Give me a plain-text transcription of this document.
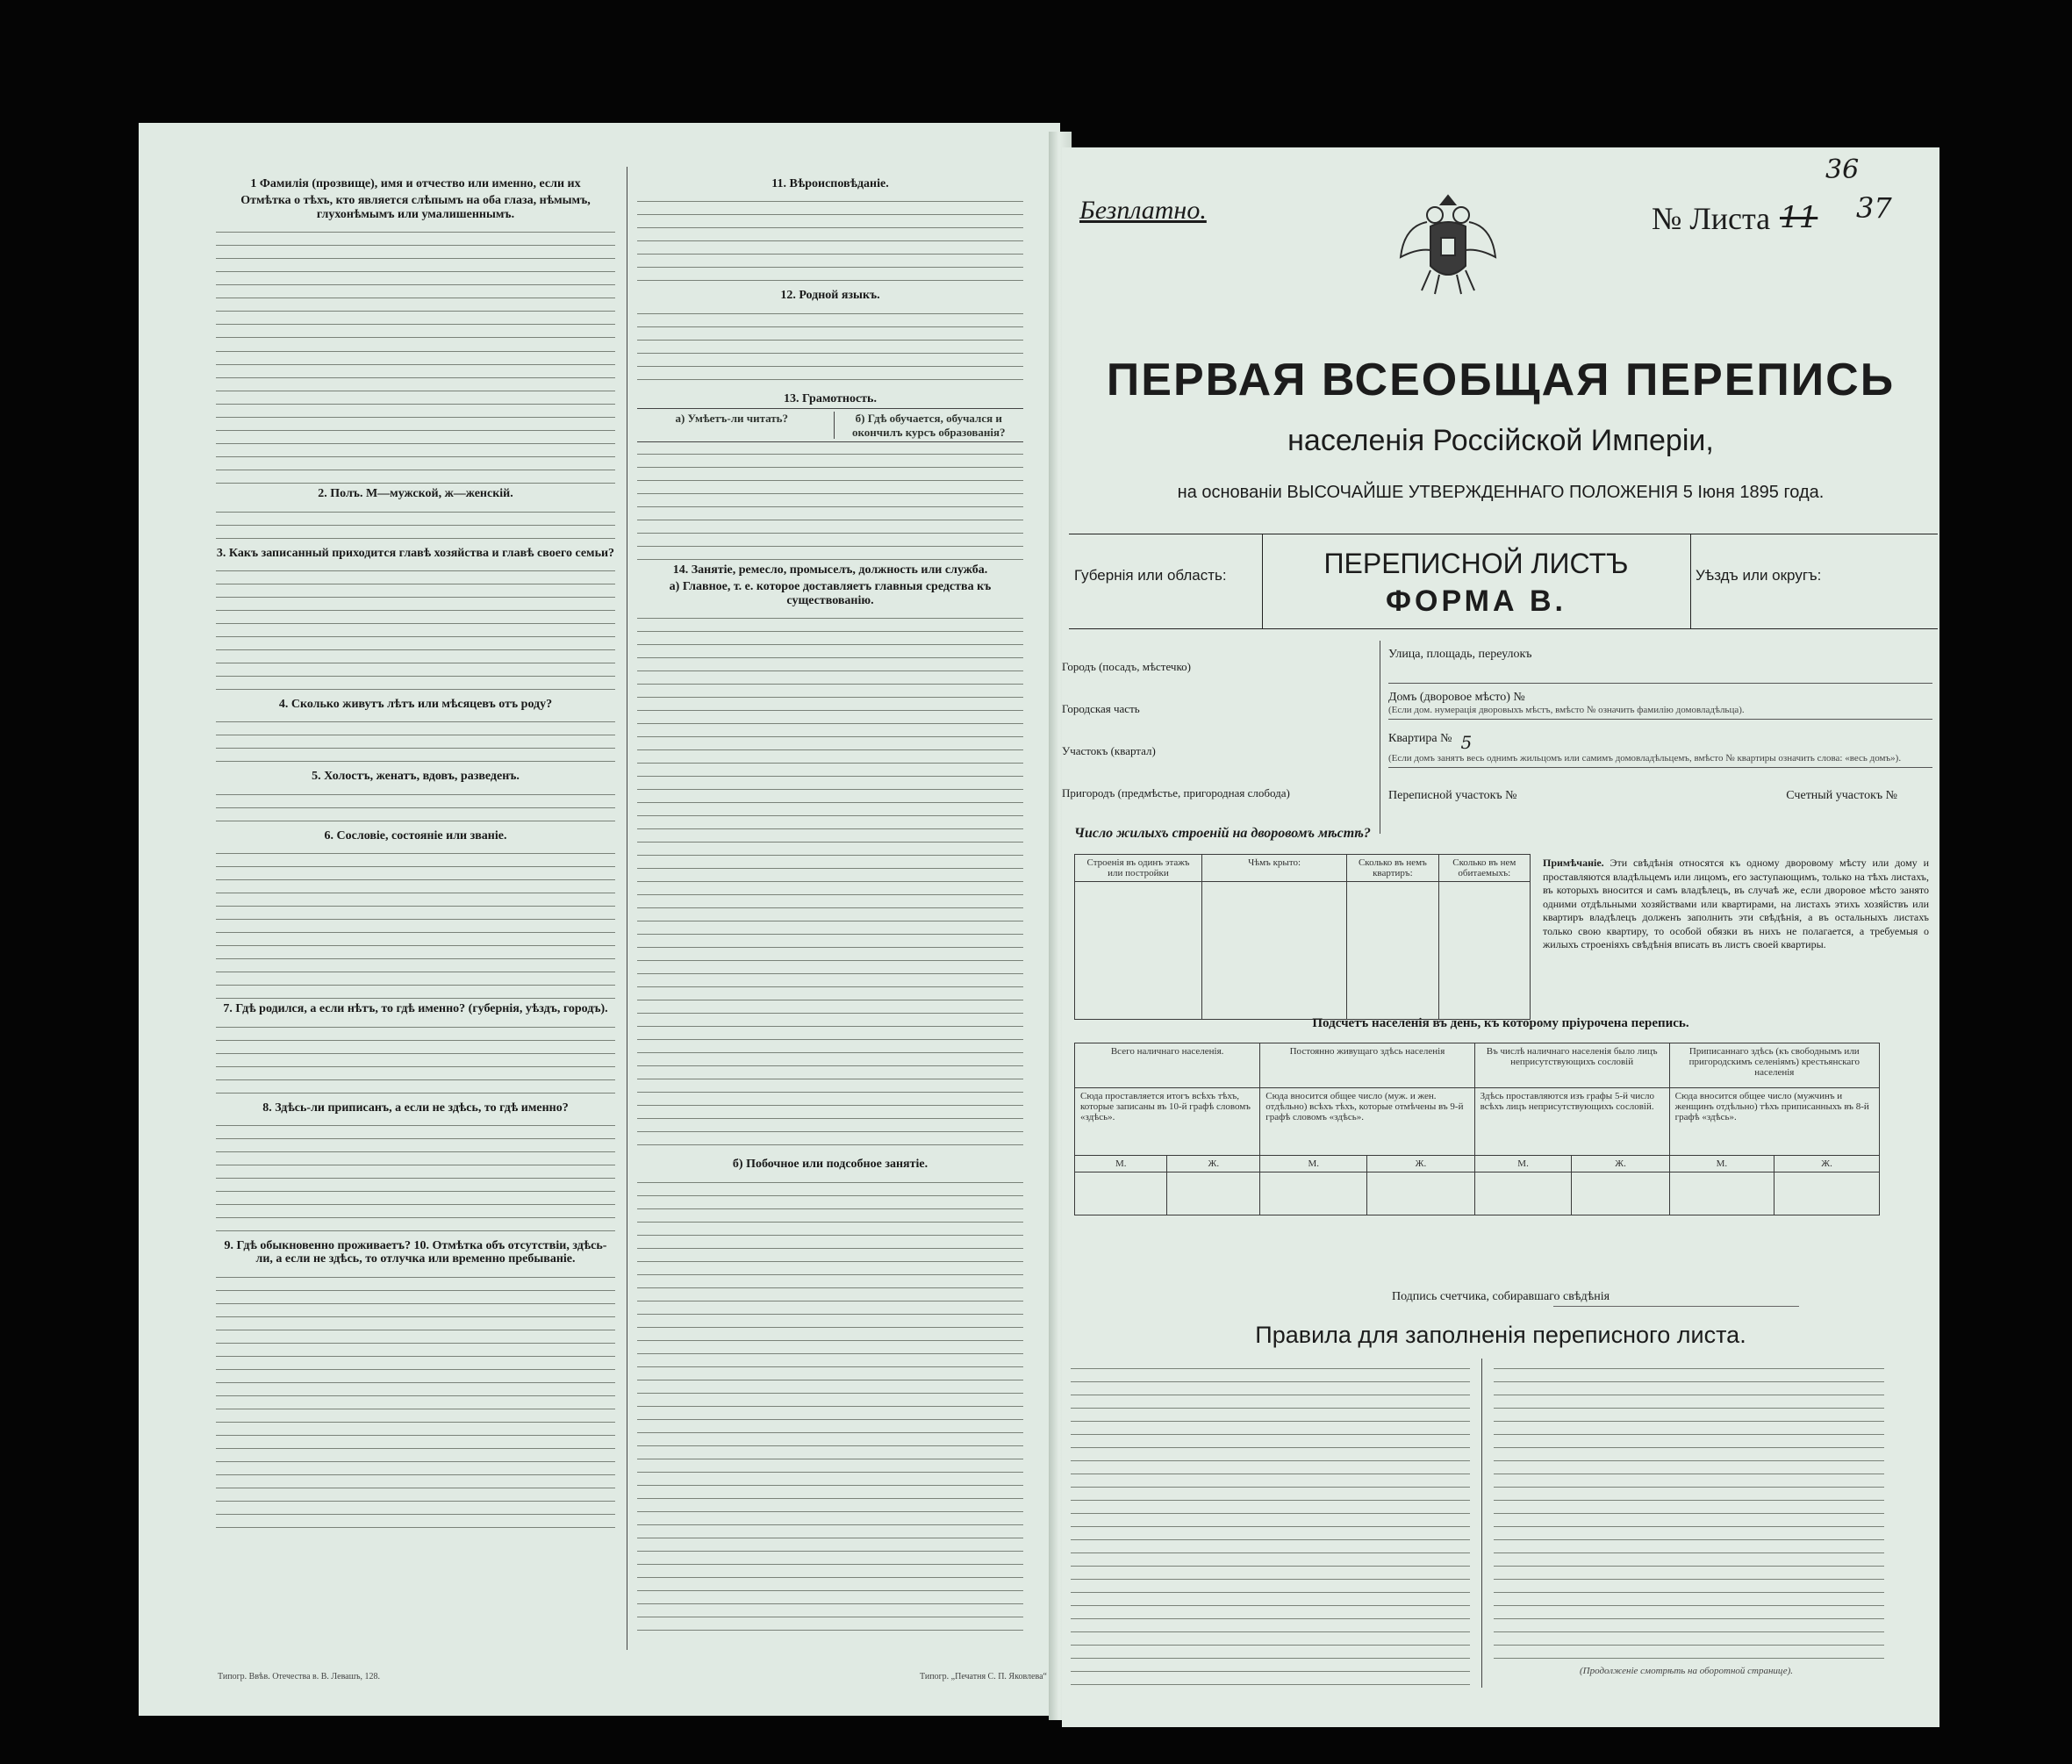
1 Фамилія (прозвище), имя и отчество или именно, если их
Отмѣтка о тѣхъ, кто является слѣпымъ на оба глаза, нѣмымъ, глухонѣмымъ или умалишеннымъ.
2. Полъ. М—мужской, ж—женскій.
3. Какъ записанный приходится главѣ хозяйства и главѣ своего семьи?
4. Сколько живутъ лѣтъ или мѣсяцевъ отъ роду?
5. Холостъ, женатъ, вдовъ, разведенъ.
6. Сословіе, состояніе или званіе.
7. Гдѣ родился, а если нѣтъ, то гдѣ именно? (губернія, уѣздъ, городъ).
8. Здѣсь-ли приписанъ, а если не здѣсь, то гдѣ именно?
9. Гдѣ обыкновенно проживаетъ? 10. Отмѣтка объ отсутствіи, здѣсь-ли, а если не здѣсь, то отлучка или временно пребываніе.
11. Вѣроисповѣданіе.
12. Родной языкъ.
13. Грамотность.
а) Умѣетъ-ли читать?	б) Гдѣ обучается, обучался и окончилъ курсъ образованія?
14. Занятіе, ремесло, промыселъ, должность или служба.
а) Главное, т. е. которое доставляетъ главныя средства къ существованію.
б) Побочное или подсобное занятіе.
Типогр. Ввѣв. Отечества в. В. Левашъ, 128.	Типогр. „Печатня С. П. Яковлева“
Безплатно.	№ Листа 11 37
36
ПЕРВАЯ ВСЕОБЩАЯ ПЕРЕПИСЬ
населенія Россійской Имперіи,
на основаніи ВЫСОЧАЙШЕ УТВЕРЖДЕННАГО ПОЛОЖЕНІЯ 5 Іюня 1895 года.
Губернія или область:	ПЕРЕПИСНОЙ ЛИСТЪ
ФОРМА В.
Уѣздъ или округъ:
Городъ (посадъ, мѣстечко)
Городская часть
Участокъ (квартал)
Пригородъ (предмѣстье, пригородная слобода)
Улица, площадь, переулокъ
Домъ (дворовое мѣсто) №
(Если дом. нумерація дворовыхъ мѣстъ, вмѣсто № означить фамилію домовладѣльца).
Квартира № 5
(Если домъ занятъ весь однимъ жильцомъ или самимъ домовладѣльцемъ, вмѣсто № квартиры означить слова: «весь домъ»).
Переписной участокъ №	Счетный участокъ №
Число жилыхъ строеній на дворовомъ мѣстѣ?
Строенія въ одинъ этажъ или постройки	Чѣмъ крыто:	Сколько въ немъ квартиръ:	Сколько въ нем обитаемыхъ:

Примѣчаніе. Эти свѣдѣнія относятся къ одному дворовому мѣсту или дому и проставляются владѣльцемъ или лицомъ, его заступающимъ, только на тѣхъ листахъ, въ которыхъ вносится и самъ владѣлецъ, въ случаѣ же, если дворовое мѣсто занято одними отдѣльными хозяйствами или квартирами, на листахъ этихъ хозяйствъ или квартиръ владѣлецъ долженъ заполнить эти свѣдѣнія, а въ остальныхъ листахъ только свою квартиру, то особой обязки въ нихъ не полагается, а требуемыя о жилыхъ строеніяхъ свѣдѣнія вписать въ листъ своей квартиры.
Подсчетъ населенія въ день, къ которому пріурочена перепись.
Всего наличнаго населенія.		Постоянно живущаго здѣсь населенія		Въ числѣ наличнаго населенія было лицъ неприсутствующихъ сословій		Приписаннаго здѣсь (къ свободнымъ или пригородскимъ селеніямъ) крестьянскаго населенія	
Сюда проставляется итогъ всѣхъ тѣхъ, которые записаны въ 10-й графѣ словомъ «здѣсь».		Сюда вносится общее число (муж. и жен. отдѣльно) всѣхъ тѣхъ, которые отмѣчены въ 9-й графѣ словомъ «здѣсь».		Здѣсь проставляются изъ графы 5-й число всѣхъ лицъ неприсутствующихъ сословій.		Сюда вносится общее число (мужчинъ и женщинъ отдѣльно) тѣхъ приписанныхъ въ 8-й графѣ «здѣсь».	
М.	Ж.	М.	Ж.	М.	Ж.	М.	Ж.

Подпись счетчика, собиравшаго свѣдѣнія
Правила для заполненія переписного листа.
(Продолженіе смотрѣть на оборотной странице).
